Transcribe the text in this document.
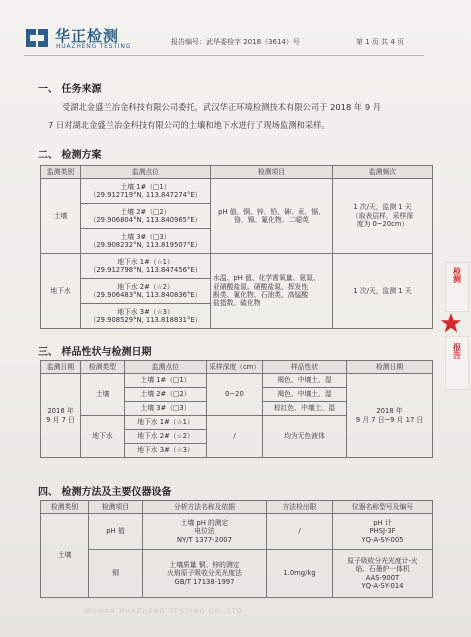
华正检测
HUAZHENG TESTING
报告编号：武华委检字 2018（3614）号	第 1 页 共 4 页
一、 任务来源
受湖北金盛兰冶金科技有限公司委托，武汉华正环境检测技术有限公司于 2018 年 9 月
7 日对湖北金盛兰冶金科技有限公司的土壤和地下水进行了现场监测和采样。
二、 检测方案
监测类别	监测点位	检测项目	监测频次
土壤	土壤 1#（□1）
（29.912719°N, 113.847274°E）	pH 值、铜、锌、铅、砷、汞、镉、
铬、镍、氟化物、二噁英	1 次/天，监测 1 天
（取表层样，采样深
度为 0~20cm）
	土壤 2#（□2）
（29.906804°N, 113.840965°E）		
	土壤 3#（□3）
（29.908232°N, 113.819507°E）		
地下水	地下水 1#（☆1）
（29.912798°N, 113.847456°E）	水温、pH 值、化学需氧量、氨氮、
亚硝酸盐氮、硝酸盐氮、挥发性
酚类、氰化物、石油类、高锰酸
盐指数、硫化物	1 次/天，监测 1 天
	地下水 2#（☆2）
（29.906483°N, 113.840836°E）		
	地下水 3#（☆3）
（29.908529°N, 113.818831°E）		
三、 样品性状与检测日期
监测日期	检测类型	监测点位	采样深度（cm）	样品性状	检测日期
2018 年
9 月 7 日	土壤	土壤 1#（□1）	0~20	褐色、中壤土、湿	2018 年
9 月 7 日~9 月 17 日
		土壤 2#（□2）		褐色、中壤土、湿	
		土壤 3#（□3）		棕红色、中壤土、湿	
	地下水	地下水 1#（☆1）	/	均为无色液体	
		地下水 2#（☆2）			
		地下水 3#（☆3）			
四、 检测方法及主要仪器设备
检测类别	检测项目	分析方法名称及依据	方法检出限	仪器名称型号及编号
土壤	pH 值	土壤 pH 的测定
电位法
NY/T 1377-2007	/	pH 计
PHSJ-3F
YQ-A-SY-005
	铜	土壤质量 铜、锌的测定
火焰原子吸收分光光度法
GB/T 17138-1997	1.0mg/kg	原子吸收分光光度计-火
焰、石墨炉一体机
AAS-900T
YQ-A-SY-014
检测
报告
WUHAN HUAZHENG TESTING CO.,LTD
